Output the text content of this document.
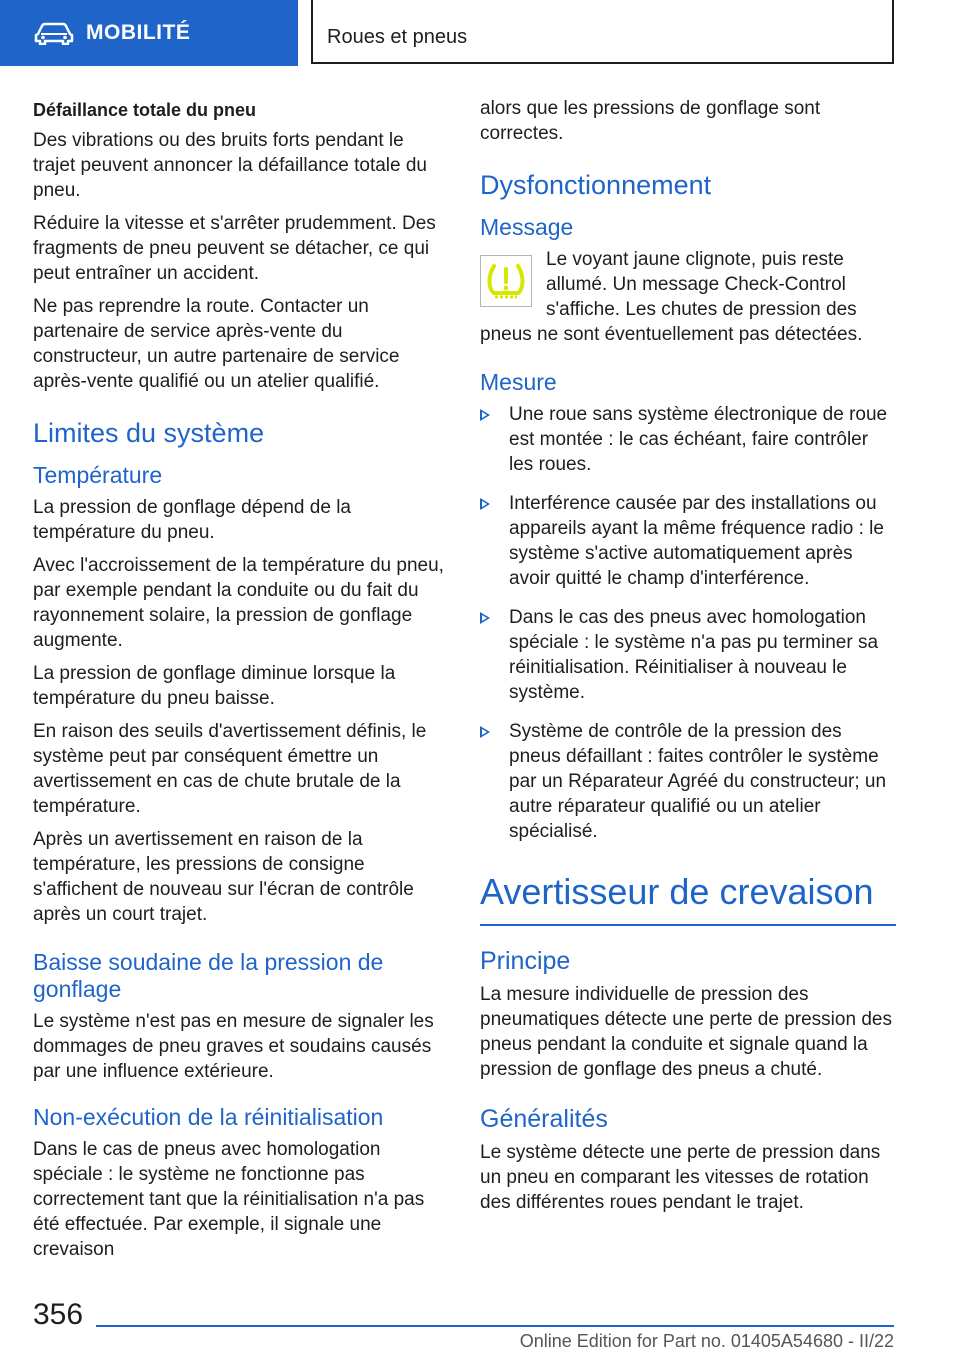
MOBILITÉ	Roues et pneus
Défaillance totale du pneu

Des vibrations ou des bruits forts pendant le trajet peuvent annoncer la défaillance totale du pneu.

Réduire la vitesse et s'arrêter prudemment. Des fragments de pneu peuvent se détacher, ce qui peut entraîner un accident.

Ne pas reprendre la route. Contacter un partenaire de service après-vente du constructeur, un autre partenaire de service après-vente qualifié ou un atelier qualifié.

Limites du système
Température

La pression de gonflage dépend de la température du pneu.

Avec l'accroissement de la température du pneu, par exemple pendant la conduite ou du fait du rayonnement solaire, la pression de gonflage augmente.

La pression de gonflage diminue lorsque la température du pneu baisse.

En raison des seuils d'avertissement définis, le système peut par conséquent émettre un avertissement en cas de chute brutale de la température.

Après un avertissement en raison de la température, les pressions de consigne s'affichent de nouveau sur l'écran de contrôle après un court trajet.

Baisse soudaine de la pression de gonflage

Le système n'est pas en mesure de signaler les dommages de pneu graves et soudains causés par une influence extérieure.

Non-exécution de la réinitialisation

Dans le cas de pneus avec homologation spéciale : le système ne fonctionne pas correctement tant que la réinitialisation n'a pas été effectuée. Par exemple, il signale une crevaison

alors que les pressions de gonflage sont correctes.

Dysfonctionnement
Message

Le voyant jaune clignote, puis reste allumé. Un message Check-Control s'affiche. Les chutes de pression des pneus ne sont éventuellement pas détectées.

Mesure
Une roue sans système électronique de roue est montée : le cas échéant, faire contrôler les roues.
Interférence causée par des installations ou appareils ayant la même fréquence radio : le système s'active automatiquement après avoir quitté le champ d'interférence.
Dans le cas des pneus avec homologation spéciale : le système n'a pas pu terminer sa réinitialisation. Réinitialiser à nouveau le système.
Système de contrôle de la pression des pneus défaillant : faites contrôler le système par un Réparateur Agréé du constructeur; un autre réparateur qualifié ou un atelier spécialisé.
Avertisseur de crevaison
Principe

La mesure individuelle de pression des pneumatiques détecte une perte de pression des pneus pendant la conduite et signale quand la pression de gonflage des pneus a chuté.

Généralités

Le système détecte une perte de pression dans un pneu en comparant les vitesses de rotation des différentes roues pendant le trajet.

356
Online Edition for Part no. 01405A54680 - II/22
